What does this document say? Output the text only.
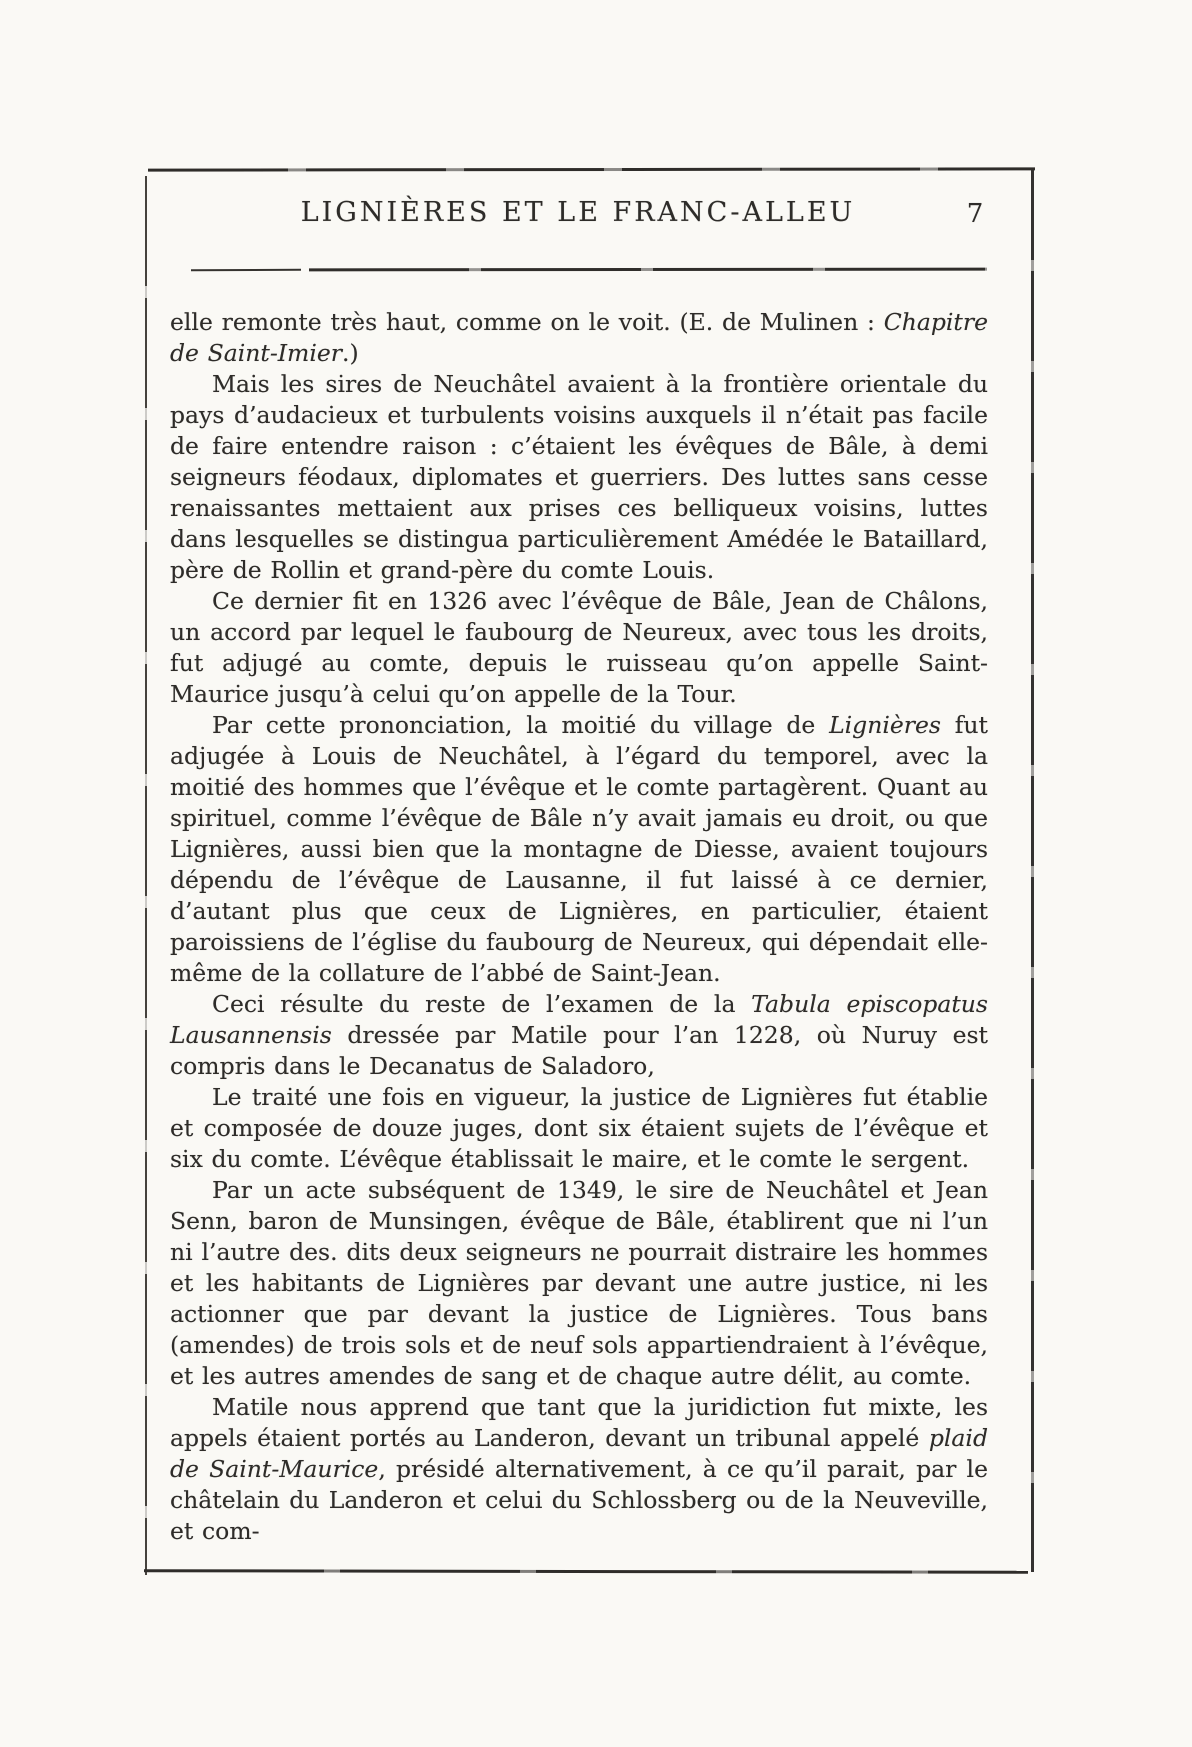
LIGNIÈRES ET LE FRANC-ALLEU	7

elle remonte très haut, comme on le voit. (E. de Mulinen : Chapitre de Saint-Imier.)

Mais les sires de Neuchâtel avaient à la frontière orientale du pays d’audacieux et turbulents voisins auxquels il n’était pas facile de faire entendre raison : c’étaient les évêques de Bâle, à demi seigneurs féodaux, diplomates et guerriers. Des luttes sans cesse renaissantes mettaient aux prises ces belliqueux voisins, luttes dans lesquelles se distingua particulièrement Amédée le Bataillard, père de Rollin et grand-père du comte Louis.

Ce dernier fit en 1326 avec l’évêque de Bâle, Jean de Châlons, un accord par lequel le faubourg de Neureux, avec tous les droits, fut adjugé au comte, depuis le ruisseau qu’on appelle Saint-Maurice jusqu’à celui qu’on appelle de la Tour.

Par cette prononciation, la moitié du village de Lignières fut adjugée à Louis de Neuchâtel, à l’égard du temporel, avec la moitié des hommes que l’évêque et le comte partagèrent. Quant au spirituel, comme l’évêque de Bâle n’y avait jamais eu droit, ou que Lignières, aussi bien que la montagne de Diesse, avaient toujours dépendu de l’évêque de Lausanne, il fut laissé à ce dernier, d’autant plus que ceux de Lignières, en particulier, étaient paroissiens de l’église du faubourg de Neureux, qui dépendait elle-même de la collature de l’abbé de Saint-Jean.

Ceci résulte du reste de l’examen de la Tabula episcopatus Lausannensis dressée par Matile pour l’an 1228, où Nuruy est compris dans le Decanatus de Saladoro,

Le traité une fois en vigueur, la justice de Lignières fut établie et composée de douze juges, dont six étaient sujets de l’évêque et six du comte. L’évêque établissait le maire, et le comte le sergent.

Par un acte subséquent de 1349, le sire de Neuchâtel et Jean Senn, baron de Munsingen, évêque de Bâle, établirent que ni l’un ni l’autre des. dits deux seigneurs ne pourrait distraire les hommes et les habitants de Lignières par devant une autre justice, ni les actionner que par devant la justice de Lignières. Tous bans (amendes) de trois sols et de neuf sols appartiendraient à l’évêque, et les autres amendes de sang et de chaque autre délit, au comte.

Matile nous apprend que tant que la juridiction fut mixte, les appels étaient portés au Landeron, devant un tribunal appelé plaid de Saint-Maurice, présidé alternativement, à ce qu’il parait, par le châtelain du Landeron et celui du Schlossberg ou de la Neuveville, et com-
